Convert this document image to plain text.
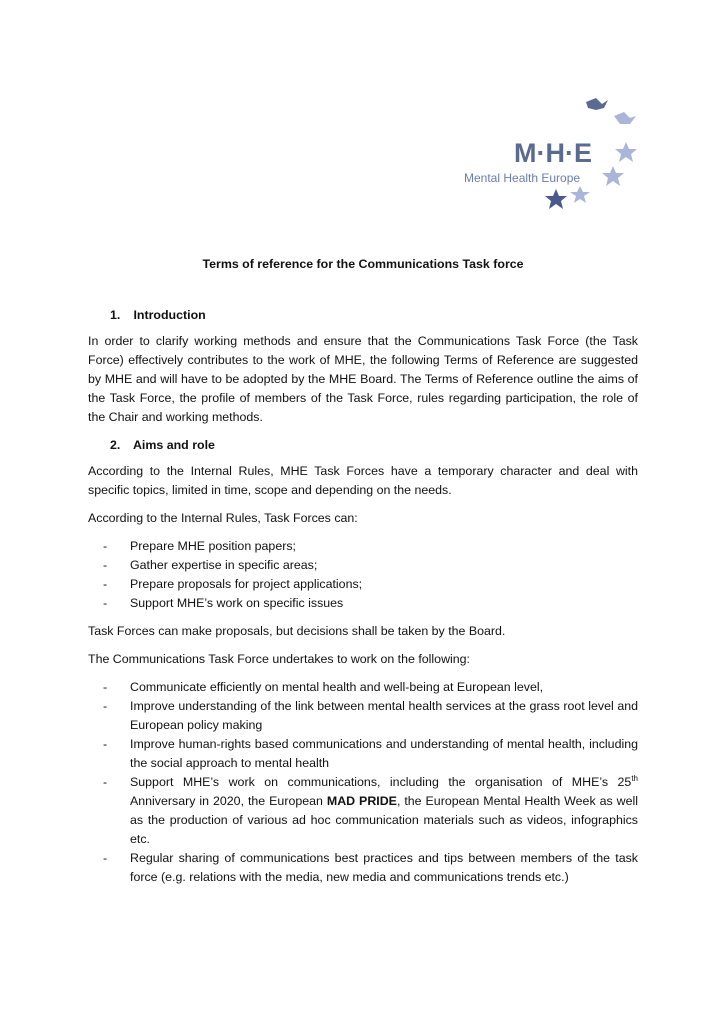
M·H·E
Mental Health Europe
Terms of reference for the Communications Task force
1. Introduction

In order to clarify working methods and ensure that the Communications Task Force (the Task Force) effectively contributes to the work of MHE, the following Terms of Reference are suggested by MHE and will have to be adopted by the MHE Board. The Terms of Reference outline the aims of the Task Force, the profile of members of the Task Force, rules regarding participation, the role of the Chair and working methods.

2. Aims and role

According to the Internal Rules, MHE Task Forces have a temporary character and deal with specific topics, limited in time, scope and depending on the needs.

According to the Internal Rules, Task Forces can:

- Prepare MHE position papers;
- Gather expertise in specific areas;
- Prepare proposals for project applications;
- Support MHE’s work on specific issues

Task Forces can make proposals, but decisions shall be taken by the Board.

The Communications Task Force undertakes to work on the following:

- Communicate efficiently on mental health and well-being at European level,
- Improve understanding of the link between mental health services at the grass root level and European policy making
- Improve human-rights based communications and understanding of mental health, including the social approach to mental health
- Support MHE’s work on communications, including the organisation of MHE’s 25th Anniversary in 2020, the European MAD PRIDE, the European Mental Health Week as well as the production of various ad hoc communication materials such as videos, infographics etc.
- Regular sharing of communications best practices and tips between members of the task force (e.g. relations with the media, new media and communications trends etc.)
